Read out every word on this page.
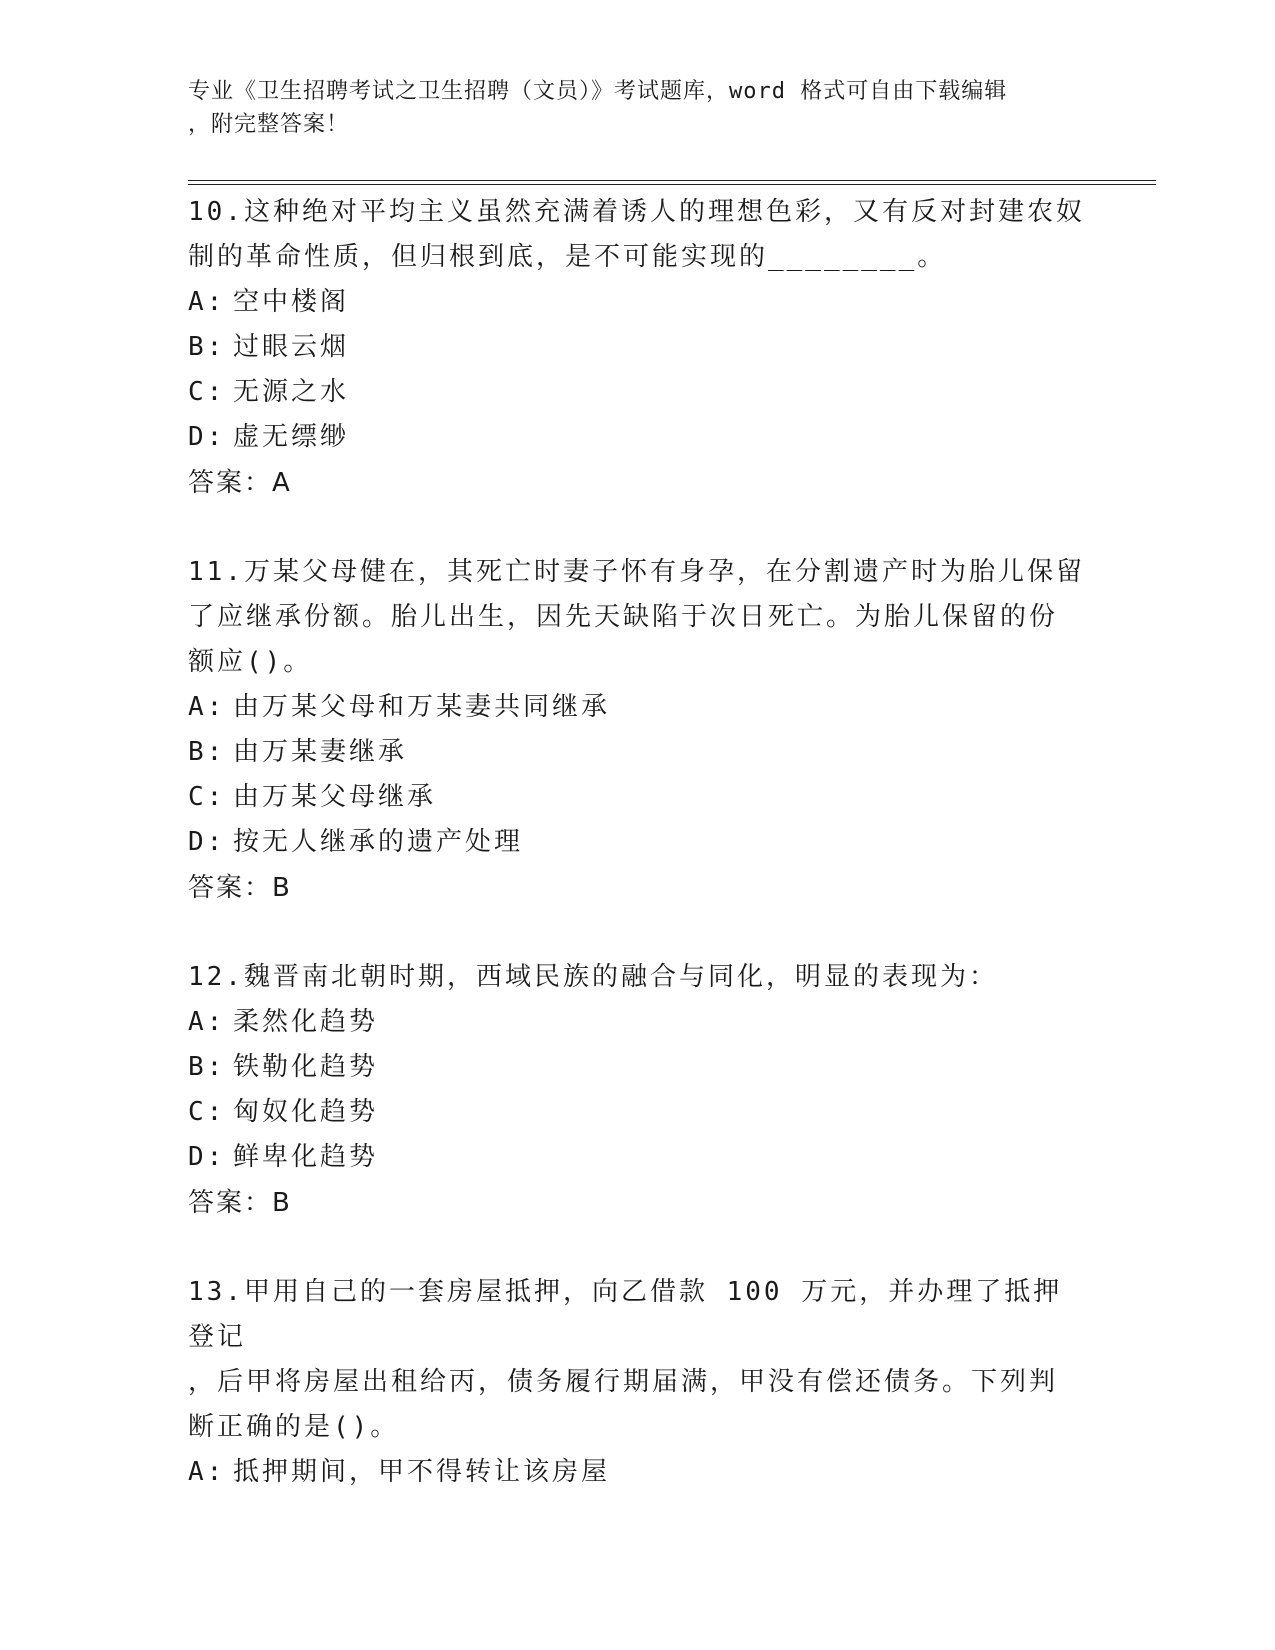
专业《卫生招聘考试之卫生招聘（文员）》考试题库，word 格式可自由下载编辑
，附完整答案！
10.这种绝对平均主义虽然充满着诱人的理想色彩，又有反对封建农奴
制的革命性质，但归根到底，是不可能实现的________。
A: 空中楼阁
B: 过眼云烟
C: 无源之水
D: 虚无缥缈
答案：A
11.万某父母健在，其死亡时妻子怀有身孕，在分割遗产时为胎儿保留
了应继承份额。胎儿出生，因先天缺陷于次日死亡。为胎儿保留的份
额应()。
A: 由万某父母和万某妻共同继承
B: 由万某妻继承
C: 由万某父母继承
D: 按无人继承的遗产处理
答案：B
12.魏晋南北朝时期，西域民族的融合与同化，明显的表现为：
A: 柔然化趋势
B: 铁勒化趋势
C: 匈奴化趋势
D: 鲜卑化趋势
答案：B
13.甲用自己的一套房屋抵押，向乙借款 100 万元，并办理了抵押登记
，后甲将房屋出租给丙，债务履行期届满，甲没有偿还债务。下列判
断正确的是()。
A: 抵押期间，甲不得转让该房屋
